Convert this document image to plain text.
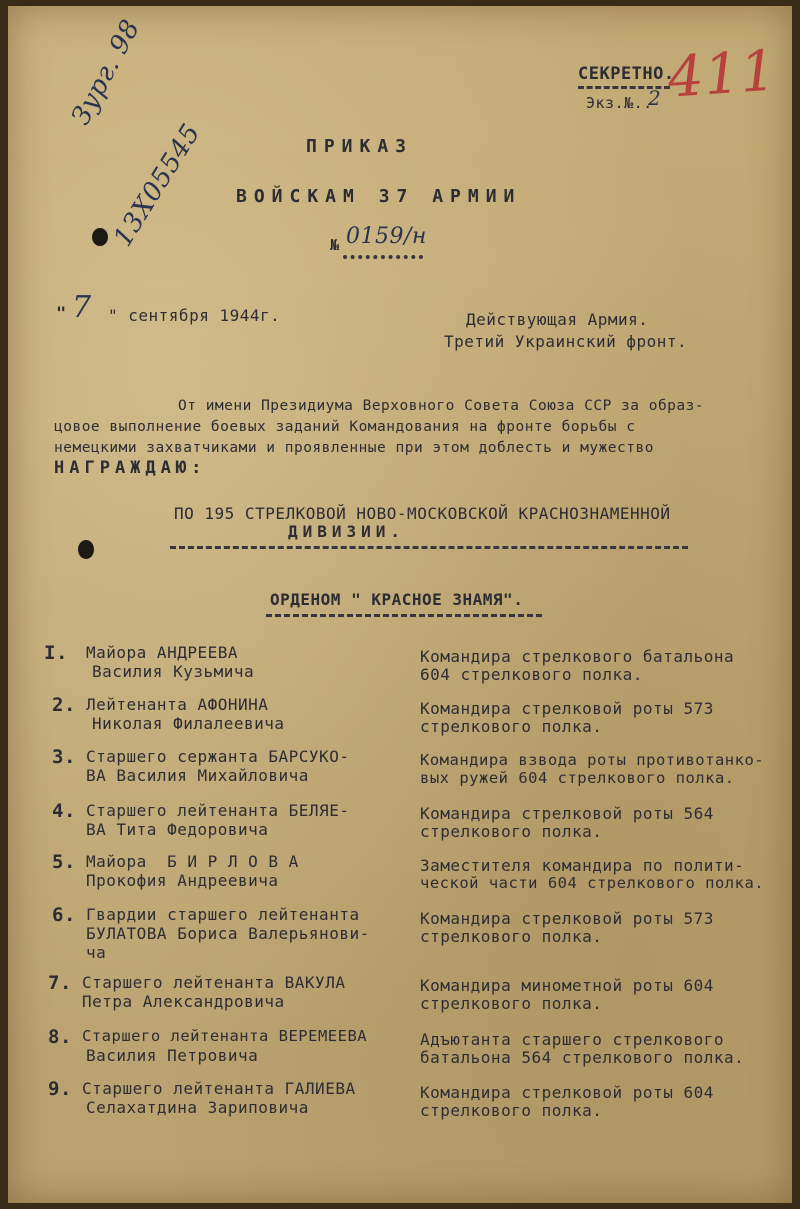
СЕКРЕТНО.
Экз.№..
2 411
Зург. 98
13Х05545	ПРИКАЗ
ВОЙСКАМ 37 АРМИИ
№ 0159/н
" 7 " сентября 1944г.	Действующая Армия.
Третий Украинский фронт.
От имени Президиума Верховного Совета Союза ССР за образ-
цовое выполнение боевых заданий Командования на фронте борьбы с
немецкими захватчиками и проявленные при этом доблесть и мужество
НАГРАЖДАЮ:
ПО 195 СТРЕЛКОВОЙ НОВО-МОСКОВСКОЙ КРАСНОЗНАМЕННОЙ
ДИВИЗИИ.
ОРДЕНОМ " КРАСНОЕ ЗНАМЯ".
I. Майора АНДРЕЕВА
Василия Кузьмича
Командира стрелкового батальона
604 стрелкового полка.
2. Лейтенанта АФОНИНА
Николая Филалеевича
Командира стрелковой роты 573
стрелкового полка.
3. Старшего сержанта БАРСУКО-
ВА Василия Михайловича
Командира взвода роты противотанко-
вых ружей 604 стрелкового полка.
4. Старшего лейтенанта БЕЛЯЕ-
ВА Тита Федоровича
Командира стрелковой роты 564
стрелкового полка.
5. Майора  Б И Р Л О В А
Прокофия Андреевича
Заместителя командира по полити-
ческой части 604 стрелкового полка.
6. Гвардии старшего лейтенанта
БУЛАТОВА Бориса Валерьянови-
ча
Командира стрелковой роты 573
стрелкового полка.
7. Старшего лейтенанта ВАКУЛА
Петра Александровича
Командира минометной роты 604
стрелкового полка.
8. Старшего лейтенанта ВЕРЕМЕЕВА
Василия Петровича
Адъютанта старшего стрелкового
батальона 564 стрелкового полка.
9. Старшего лейтенанта ГАЛИЕВА
Селахатдина Зариповича
Командира стрелковой роты 604
стрелкового полка.
